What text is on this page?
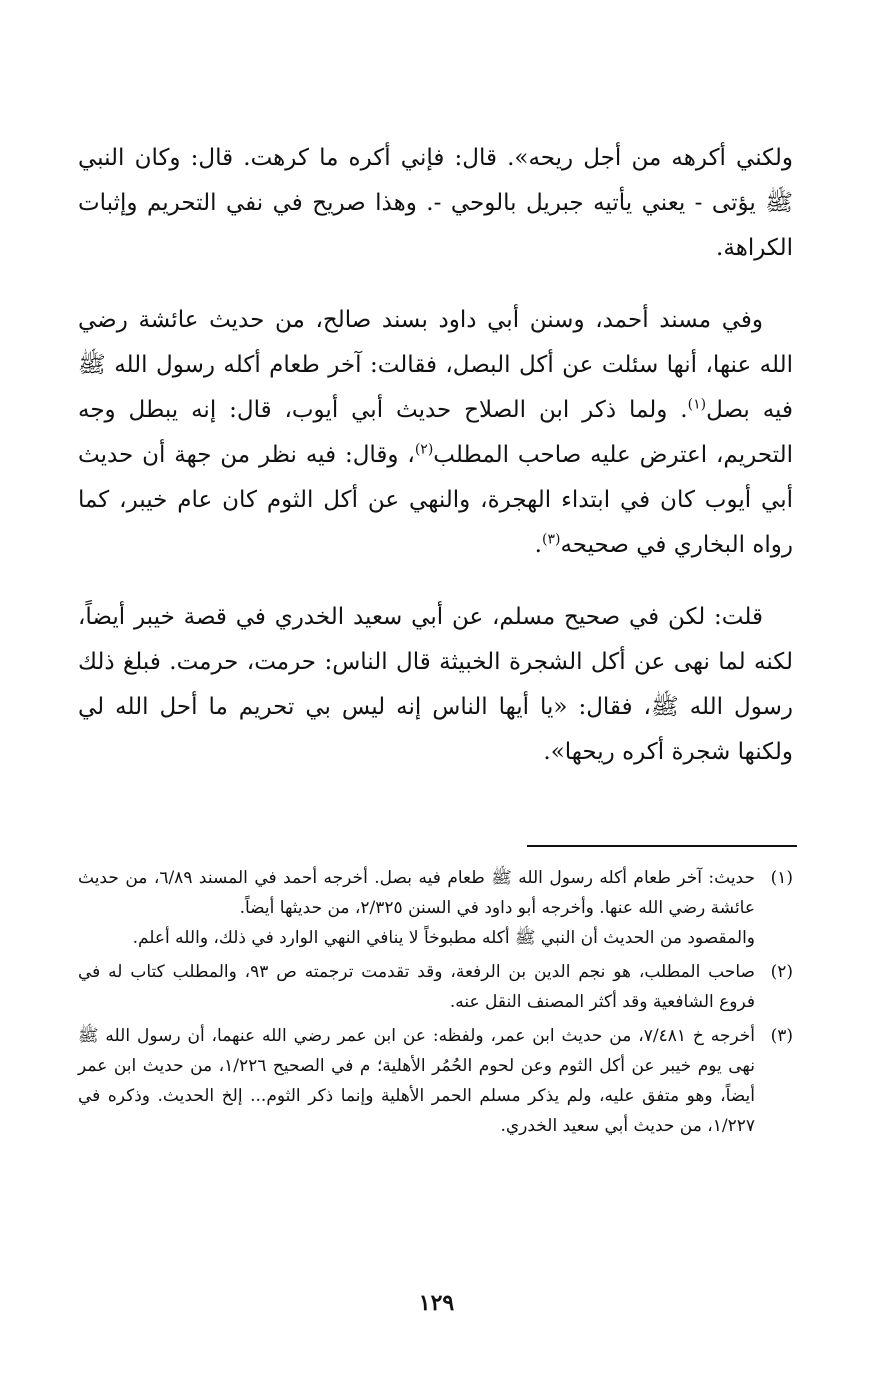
ولكني أكرهه من أجل ريحه». قال: فإني أكره ما كرهت. قال: وكان النبي ﷺ يؤتى - يعني يأتيه جبريل بالوحي -. وهذا صريح في نفي التحريم وإثبات الكراهة.

وفي مسند أحمد، وسنن أبي داود بسند صالح، من حديث عائشة رضي الله عنها، أنها سئلت عن أكل البصل، فقالت: آخر طعام أكله رسول الله ﷺ فيه بصل$^{(١)}$. ولما ذكر ابن الصلاح حديث أبي أيوب، قال: إنه يبطل وجه التحريم، اعترض عليه صاحب المطلب$^{(٢)}$، وقال: فيه نظر من جهة أن حديث أبي أيوب كان في ابتداء الهجرة، والنهي عن أكل الثوم كان عام خيبر، كما رواه البخاري في صحيحه$^{(٣)}$.

قلت: لكن في صحيح مسلم، عن أبي سعيد الخدري في قصة خيبر أيضاً، لكنه لما نهى عن أكل الشجرة الخبيثة قال الناس: حرمت، حرمت. فبلغ ذلك رسول الله ﷺ، فقال: «يا أيها الناس إنه ليس بي تحريم ما أحل الله لي ولكنها شجرة أكره ريحها».

(١)

حديث: آخر طعام أكله رسول الله ﷺ طعام فيه بصل. أخرجه أحمد في المسند ٦/٨٩، من حديث عائشة رضي الله عنها. وأخرجه أبو داود في السنن ٢/٣٢٥، من حديثها أيضاً.

والمقصود من الحديث أن النبي ﷺ أكله مطبوخاً لا ينافي النهي الوارد في ذلك، والله أعلم.

(٢)

صاحب المطلب، هو نجم الدين بن الرفعة، وقد تقدمت ترجمته ص ٩٣، والمطلب كتاب له في فروع الشافعية وقد أكثر المصنف النقل عنه.

(٣)

أخرجه خ ٧/٤٨١، من حديث ابن عمر، ولفظه: عن ابن عمر رضي الله عنهما، أن رسول الله ﷺ نهى يوم خيبر عن أكل الثوم وعن لحوم الحُمُر الأهلية؛ م في الصحيح ١/٢٢٦، من حديث ابن عمر أيضاً، وهو متفق عليه، ولم يذكر مسلم الحمر الأهلية وإنما ذكر الثوم... إلخ الحديث. وذكره في ١/٢٢٧، من حديث أبي سعيد الخدري.

١٢٩
